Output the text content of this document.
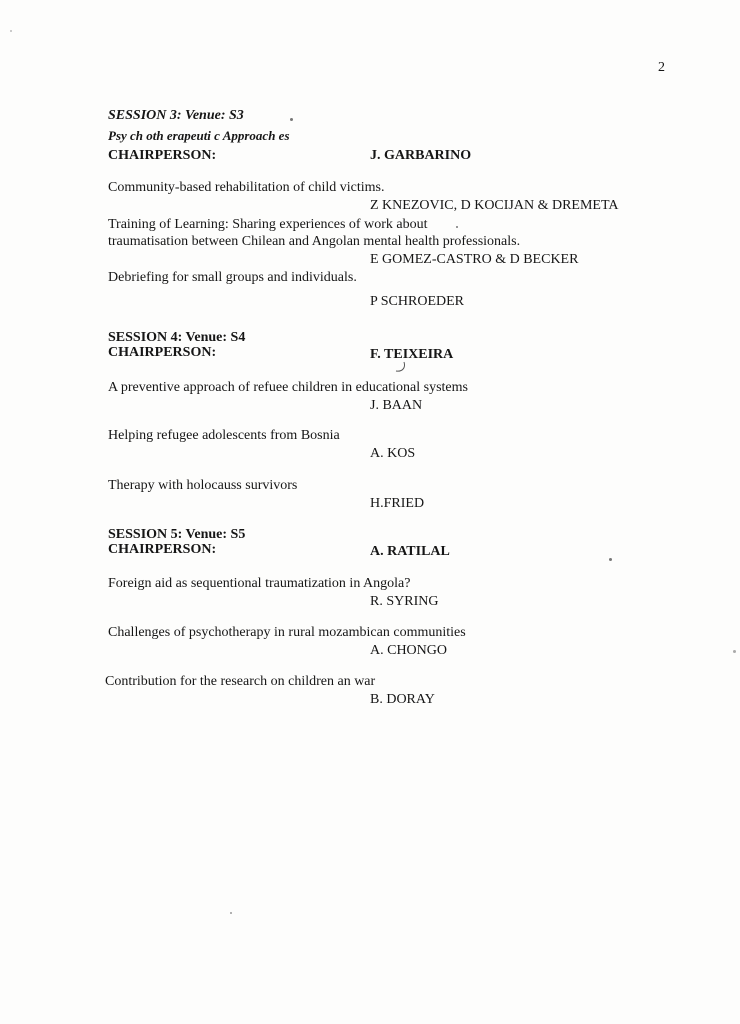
2
SESSION 3: Venue: S3
Psy ch oth erapeuti c Approach es
CHAIRPERSON:	J. GARBARINO
Community-based rehabilitation of child victims.
Z KNEZOVIC, D KOCIJAN & DREMETA
Training of Learning: Sharing experiences of work about
traumatisation between Chilean and Angolan mental health professionals.
E GOMEZ-CASTRO & D BECKER
Debriefing for small groups and individuals.
P SCHROEDER
SESSION 4: Venue: S4
CHAIRPERSON:	F. TEIXEIRA
A preventive approach of refuee children in educational systems
J. BAAN
Helping refugee adolescents from Bosnia
A. KOS
Therapy with holocauss survivors
H.FRIED
SESSION 5: Venue: S5
CHAIRPERSON:	A. RATILAL
Foreign aid as sequentional traumatization in Angola?
R. SYRING
Challenges of psychotherapy in rural mozambican communities
A. CHONGO
Contribution for the research on children an war
B. DORAY
